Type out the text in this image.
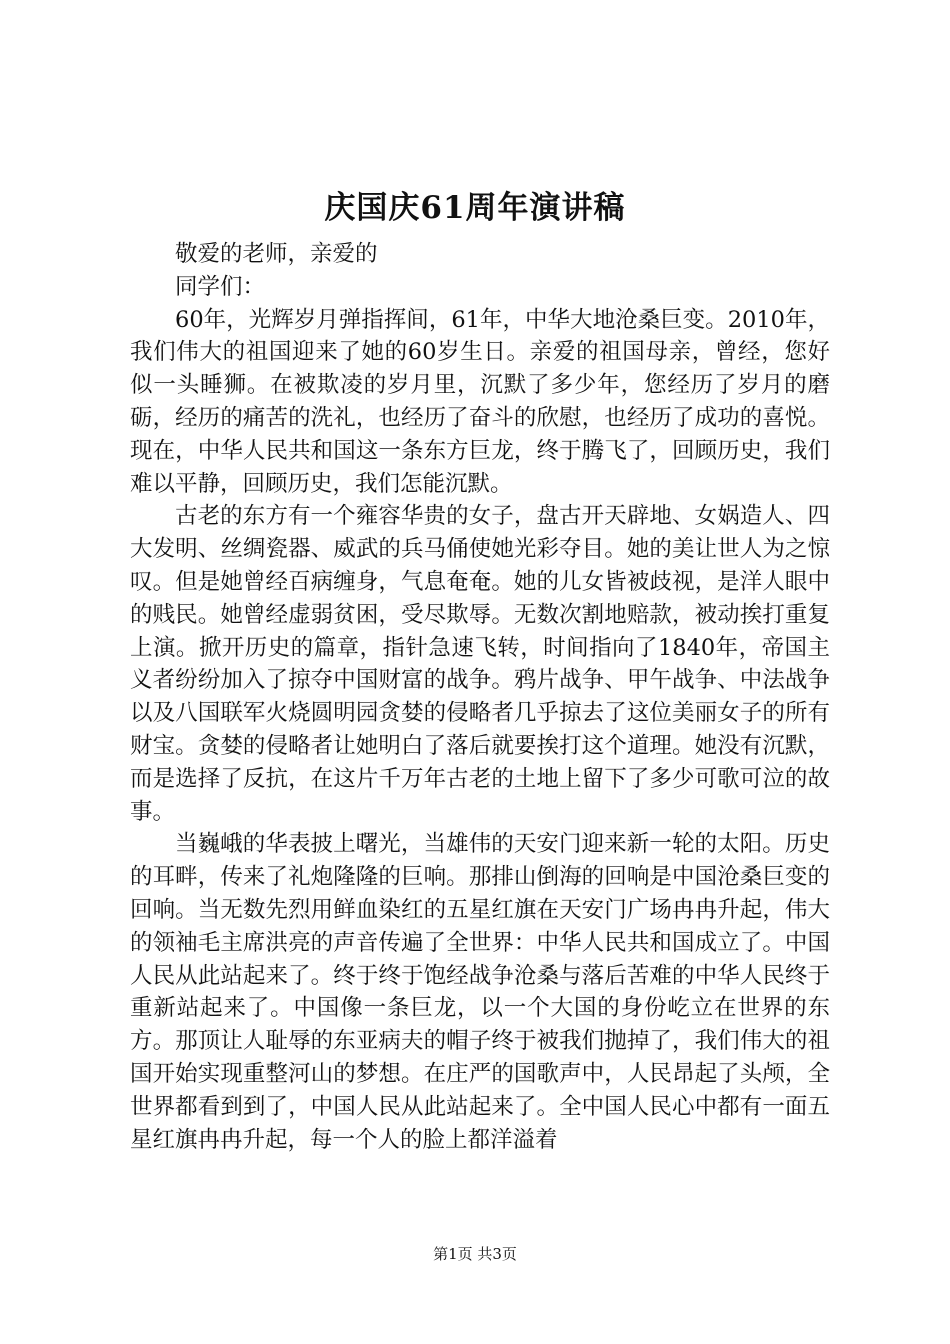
庆国庆61周年演讲稿

敬爱的老师，亲爱的

同学们：

60年，光辉岁月弹指挥间，61年，中华大地沧桑巨变。2010年，我们伟大的祖国迎来了她的60岁生日。亲爱的祖国母亲，曾经，您好似一头睡狮。在被欺凌的岁月里，沉默了多少年，您经历了岁月的磨砺，经历的痛苦的洗礼，也经历了奋斗的欣慰，也经历了成功的喜悦。现在，中华人民共和国这一条东方巨龙，终于腾飞了，回顾历史，我们难以平静，回顾历史，我们怎能沉默。

古老的东方有一个雍容华贵的女子，盘古开天辟地、女娲造人、四大发明、丝绸瓷器、威武的兵马俑使她光彩夺目。她的美让世人为之惊叹。但是她曾经百病缠身，气息奄奄。她的儿女皆被歧视，是洋人眼中的贱民。她曾经虚弱贫困，受尽欺辱。无数次割地赔款，被动挨打重复上演。掀开历史的篇章，指针急速飞转，时间指向了1840年，帝国主义者纷纷加入了掠夺中国财富的战争。鸦片战争、甲午战争、中法战争以及八国联军火烧圆明园贪婪的侵略者几乎掠去了这位美丽女子的所有财宝。贪婪的侵略者让她明白了落后就要挨打这个道理。她没有沉默，而是选择了反抗，在这片千万年古老的土地上留下了多少可歌可泣的故事。

当巍峨的华表披上曙光，当雄伟的天安门迎来新一轮的太阳。历史的耳畔，传来了礼炮隆隆的巨响。那排山倒海的回响是中国沧桑巨变的回响。当无数先烈用鲜血染红的五星红旗在天安门广场冉冉升起，伟大的领袖毛主席洪亮的声音传遍了全世界：中华人民共和国成立了。中国人民从此站起来了。终于终于饱经战争沧桑与落后苦难的中华人民终于重新站起来了。中国像一条巨龙，以一个大国的身份屹立在世界的东方。那顶让人耻辱的东亚病夫的帽子终于被我们抛掉了，我们伟大的祖国开始实现重整河山的梦想。在庄严的国歌声中，人民昂起了头颅，全世界都看到到了，中国人民从此站起来了。全中国人民心中都有一面五星红旗冉冉升起，每一个人的脸上都洋溢着

第1页 共3页
